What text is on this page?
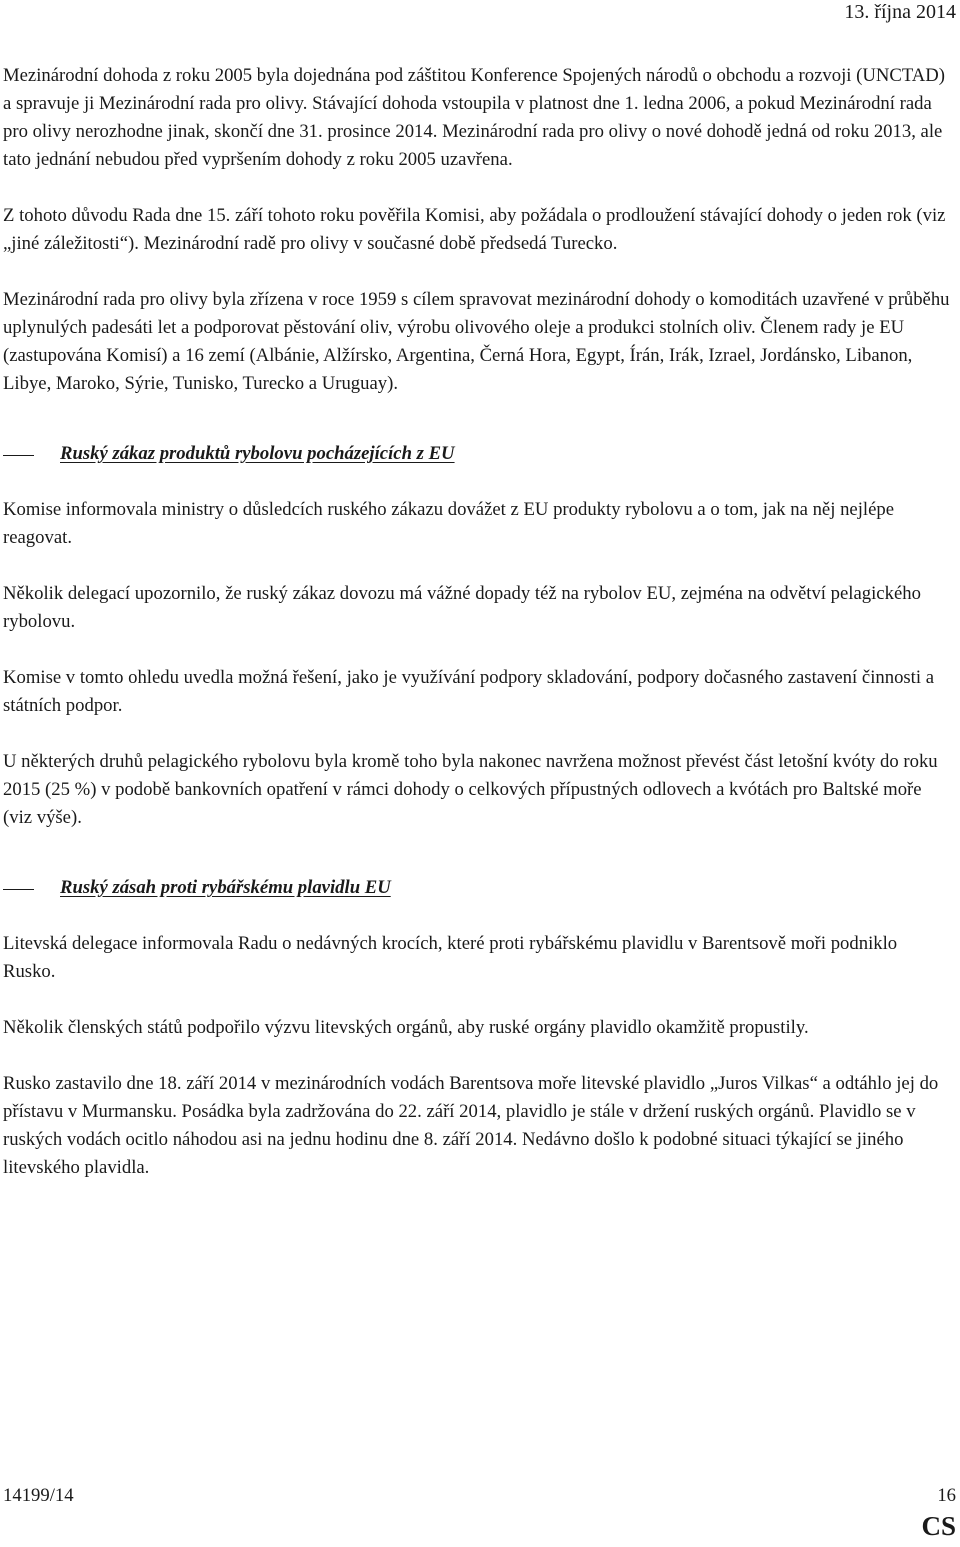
13. října 2014

Mezinárodní dohoda z roku 2005 byla dojednána pod záštitou Konference Spojených národů o obchodu a rozvoji (UNCTAD) a spravuje ji Mezinárodní rada pro olivy. Stávající dohoda vstoupila v platnost dne 1. ledna 2006, a pokud Mezinárodní rada pro olivy nerozhodne jinak, skončí dne 31. prosince 2014. Mezinárodní rada pro olivy o nové dohodě jedná od roku 2013, ale tato jednání nebudou před vypršením dohody z roku 2005 uzavřena.

Z tohoto důvodu Rada dne 15. září tohoto roku pověřila Komisi, aby požádala o prodloužení stávající dohody o jeden rok (viz „jiné záležitosti“). Mezinárodní radě pro olivy v současné době předsedá Turecko.

Mezinárodní rada pro olivy byla zřízena v roce 1959 s cílem spravovat mezinárodní dohody o komoditách uzavřené v průběhu uplynulých padesáti let a podporovat pěstování oliv, výrobu olivového oleje a produkci stolních oliv. Členem rady je EU (zastupována Komisí) a 16 zemí (Albánie, Alžírsko, Argentina, Černá Hora, Egypt, Írán, Irák, Izrael, Jordánsko, Libanon, Libye, Maroko, Sýrie, Tunisko, Turecko a Uruguay).

Ruský zákaz produktů rybolovu pocházejících z EU

Komise informovala ministry o důsledcích ruského zákazu dovážet z EU produkty rybolovu a o tom, jak na něj nejlépe reagovat.

Několik delegací upozornilo, že ruský zákaz dovozu má vážné dopady též na rybolov EU, zejména na odvětví pelagického rybolovu.

Komise v tomto ohledu uvedla možná řešení, jako je využívání podpory skladování, podpory dočasného zastavení činnosti a státních podpor.

U některých druhů pelagického rybolovu byla kromě toho byla nakonec navržena možnost převést část letošní kvóty do roku 2015 (25 %) v podobě bankovních opatření v rámci dohody o celkových přípustných odlovech a kvótách pro Baltské moře (viz výše).

Ruský zásah proti rybářskému plavidlu EU

Litevská delegace informovala Radu o nedávných krocích, které proti rybářskému plavidlu v Barentsově moři podniklo Rusko.

Několik členských států podpořilo výzvu litevských orgánů, aby ruské orgány plavidlo okamžitě propustily.

Rusko zastavilo dne 18. září 2014 v mezinárodních vodách Barentsova moře litevské plavidlo „Juros Vilkas“ a odtáhlo jej do přístavu v Murmansku. Posádka byla zadržována do 22. září 2014, plavidlo je stále v držení ruských orgánů. Plavidlo se v ruských vodách ocitlo náhodou asi na jednu hodinu dne 8. září 2014. Nedávno došlo k podobné situaci týkající se jiného litevského plavidla.

14199/14	16
CS
